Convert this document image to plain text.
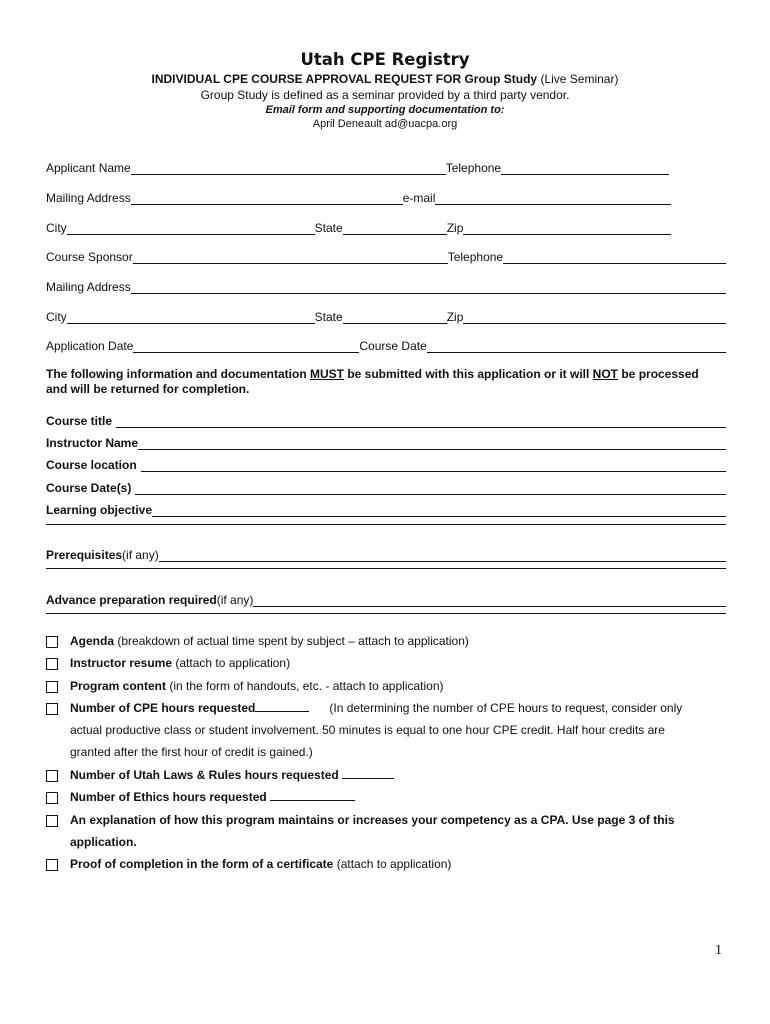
Utah CPE Registry
INDIVIDUAL CPE COURSE APPROVAL REQUEST FOR Group Study (Live Seminar)
Group Study is defined as a seminar provided by a third party vendor.
Email form and supporting documentation to:
April Deneault ad@uacpa.org
Applicant Name	Telephone
Mailing Address	e-mail
City	State	Zip
Course Sponsor	Telephone
Mailing Address
City	State	Zip
Application Date	Course Date
The following information and documentation MUST be submitted with this application or it will NOT be processed and will be returned for completion.
Course title
Instructor Name
Course location
Course Date(s)
Learning objective
Prerequisites (if any)
Advance preparation required (if any)
Agenda (breakdown of actual time spent by subject – attach to application)
Instructor resume (attach to application)
Program content (in the form of handouts, etc. - attach to application)
Number of CPE hours requested	(In determining the number of CPE hours to request, consider only
actual productive class or student involvement. 50 minutes is equal to one hour CPE credit. Half hour credits are
granted after the first hour of credit is gained.)
Number of Utah Laws & Rules hours requested
Number of Ethics hours requested
An explanation of how this program maintains or increases your competency as a CPA. Use page 3 of this
application.
Proof of completion in the form of a certificate (attach to application)
1
